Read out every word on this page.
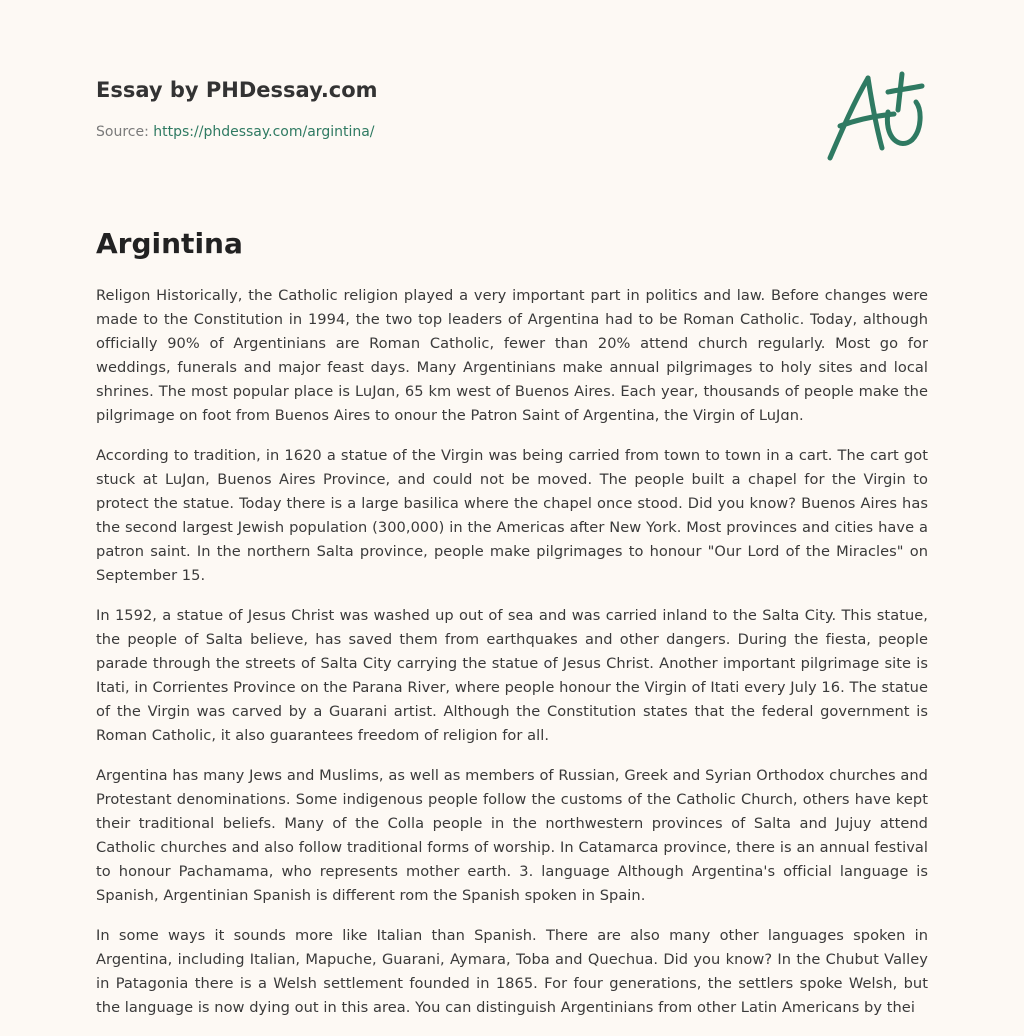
Essay by PHDessay.com
Source: https://phdessay.com/argintina/
Argintina

Religon Historically, the Catholic religion played a very important part in politics and law. Before changes were made to the Constitution in 1994, the two top leaders of Argentina had to be Roman Catholic. Today, although officially 90% of Argentinians are Roman Catholic, fewer than 20% attend church regularly. Most go for weddings, funerals and major feast days. Many Argentinians make annual pilgrimages to holy sites and local shrines. The most popular place is LuJɑn, 65 km west of Buenos Aires. Each year, thousands of people make the pilgrimage on foot from Buenos Aires to onour the Patron Saint of Argentina, the Virgin of LuJɑn.

According to tradition, in 1620 a statue of the Virgin was being carried from town to town in a cart. The cart got stuck at LuJɑn, Buenos Aires Province, and could not be moved. The people built a chapel for the Virgin to protect the statue. Today there is a large basilica where the chapel once stood. Did you know? Buenos Aires has the second largest Jewish population (300,000) in the Americas after New York. Most provinces and cities have a patron saint. In the northern Salta province, people make pilgrimages to honour "Our Lord of the Miracles" on September 15.

In 1592, a statue of Jesus Christ was washed up out of sea and was carried inland to the Salta City. This statue, the people of Salta believe, has saved them from earthquakes and other dangers. During the fiesta, people parade through the streets of Salta City carrying the statue of Jesus Christ. Another important pilgrimage site is Itati, in Corrientes Province on the Parana River, where people honour the Virgin of Itati every July 16. The statue of the Virgin was carved by a Guarani artist. Although the Constitution states that the federal government is Roman Catholic, it also guarantees freedom of religion for all.

Argentina has many Jews and Muslims, as well as members of Russian, Greek and Syrian Orthodox churches and Protestant denominations. Some indigenous people follow the customs of the Catholic Church, others have kept their traditional beliefs. Many of the Colla people in the northwestern provinces of Salta and Jujuy attend Catholic churches and also follow traditional forms of worship. In Catamarca province, there is an annual festival to honour Pachamama, who represents mother earth. 3. language Although Argentina's official language is Spanish, Argentinian Spanish is different rom the Spanish spoken in Spain.

In some ways it sounds more like Italian than Spanish. There are also many other languages spoken in Argentina, including Italian, Mapuche, Guarani, Aymara, Toba and Quechua. Did you know? In the Chubut Valley in Patagonia there is a Welsh settlement founded in 1865. For four generations, the settlers spoke Welsh, but the language is now dying out in this area. You can distinguish Argentinians from other Latin Americans by thei
